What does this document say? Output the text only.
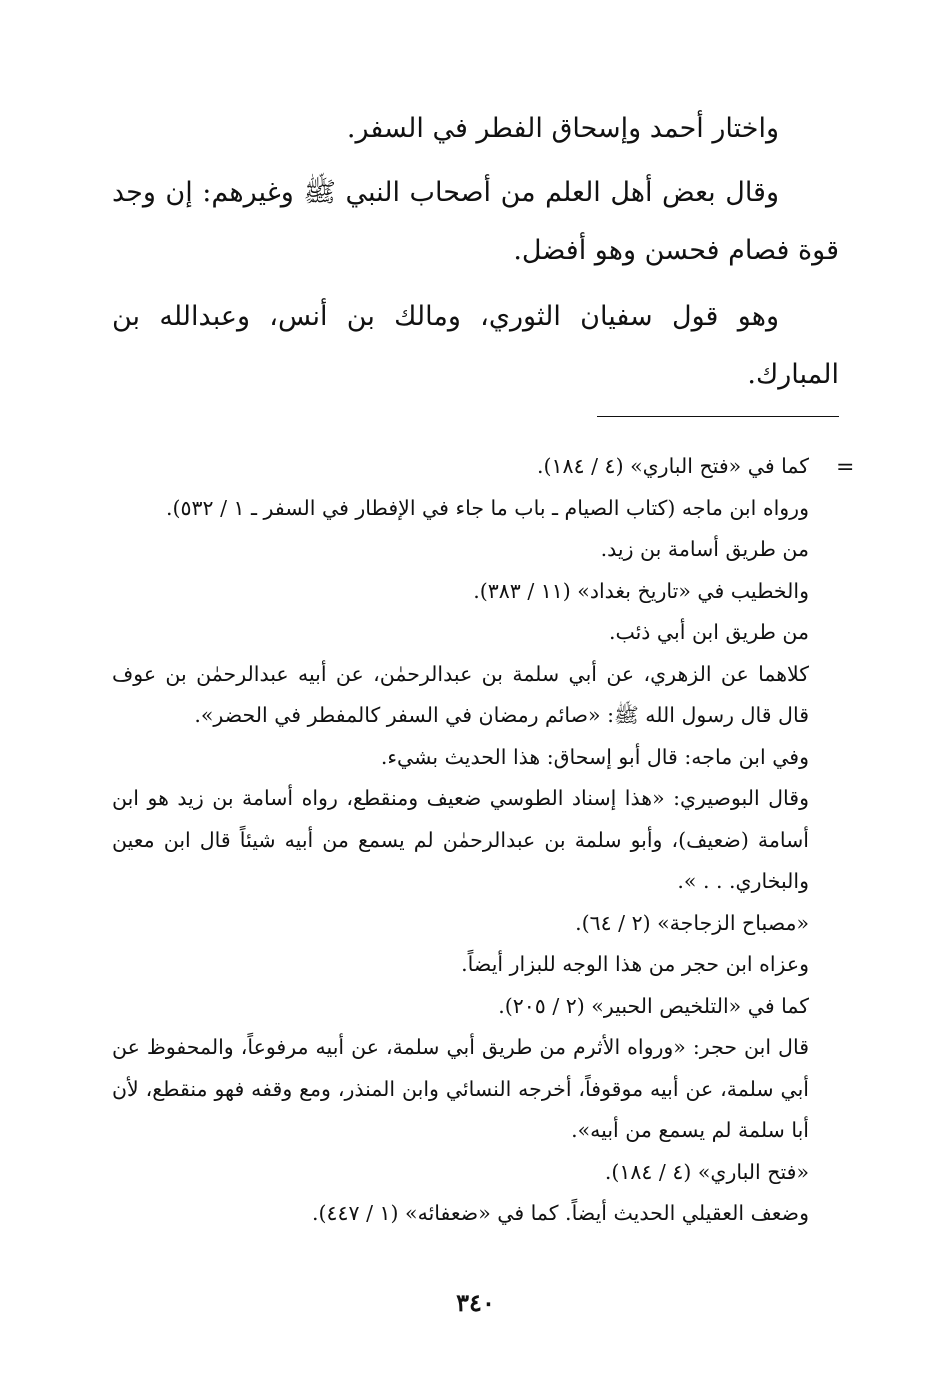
واختار أحمد وإسحاق الفطر في السفر.

وقال بعض أهل العلم من أصحاب النبي ﷺ وغيرهم: إن وجد قوة فصام فحسن وهو أفضل.

وهو قول سفيان الثوري، ومالك بن أنس، وعبدالله بن المبارك.

=

كما في «فتح الباري» (٤ / ١٨٤).

ورواه ابن ماجه (كتاب الصيام ـ باب ما جاء في الإفطار في السفر ـ ١ / ٥٣٢).

من طريق أسامة بن زيد.

والخطيب في «تاريخ بغداد» (١١ / ٣٨٣).

من طريق ابن أبي ذئب.

كلاهما عن الزهري، عن أبي سلمة بن عبدالرحمٰن، عن أبيه عبدالرحمٰن بن عوف قال قال رسول الله ﷺ: «صائم رمضان في السفر كالمفطر في الحضر».

وفي ابن ماجه: قال أبو إسحاق: هذا الحديث بشيء.

وقال البوصيري: «هذا إسناد الطوسي ضعيف ومنقطع، رواه أسامة بن زيد هو ابن أسامة (ضعيف)، وأبو سلمة بن عبدالرحمٰن لم يسمع من أبيه شيئاً قال ابن معين والبخاري. . . ».

«مصباح الزجاجة» (٢ / ٦٤).

وعزاه ابن حجر من هذا الوجه للبزار أيضاً.

كما في «التلخيص الحبير» (٢ / ٢٠٥).

قال ابن حجر: «ورواه الأثرم من طريق أبي سلمة، عن أبيه مرفوعاً، والمحفوظ عن أبي سلمة، عن أبيه موقوفاً، أخرجه النسائي وابن المنذر، ومع وقفه فهو منقطع، لأن أبا سلمة لم يسمع من أبيه».

«فتح الباري» (٤ / ١٨٤).

وضعف العقيلي الحديث أيضاً. كما في «ضعفائه» (١ / ٤٤٧).

٣٤٠
